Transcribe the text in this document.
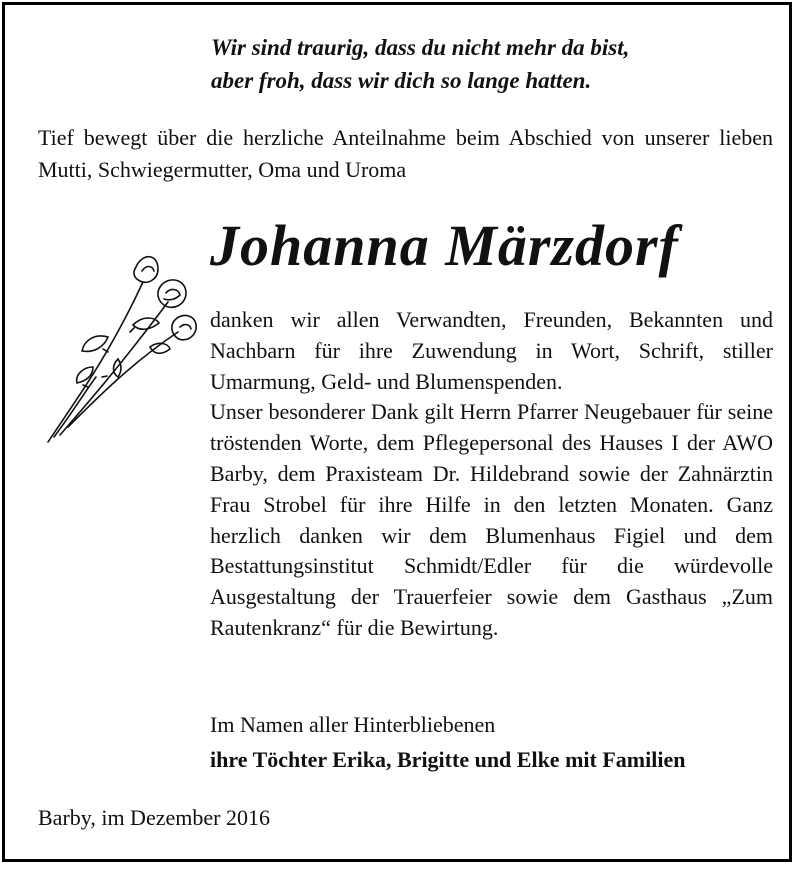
Wir sind traurig, dass du nicht mehr da bist,
aber froh, dass wir dich so lange hatten.
Tief bewegt über die herzliche Anteilnahme beim Abschied von unserer lieben Mutti, Schwiegermutter, Oma und Uroma
Johanna Märzdorf

danken wir allen Verwandten, Freunden, Bekannten und Nachbarn für ihre Zuwendung in Wort, Schrift, stiller Umarmung, Geld- und Blumenspenden.

Unser besonderer Dank gilt Herrn Pfarrer Neugebauer für seine tröstenden Worte, dem Pflegepersonal des Hauses I der AWO Barby, dem Praxisteam Dr. Hildebrand sowie der Zahnärztin Frau Strobel für ihre Hilfe in den letzten Monaten. Ganz herzlich danken wir dem Blumenhaus Figiel und dem Bestattungsinstitut Schmidt/Edler für die würdevolle Ausgestaltung der Trauerfeier sowie dem Gasthaus „Zum Rautenkranz“ für die Bewirtung.

Im Namen aller Hinterbliebenen
ihre Töchter Erika, Brigitte und Elke mit Familien
Barby, im Dezember 2016
